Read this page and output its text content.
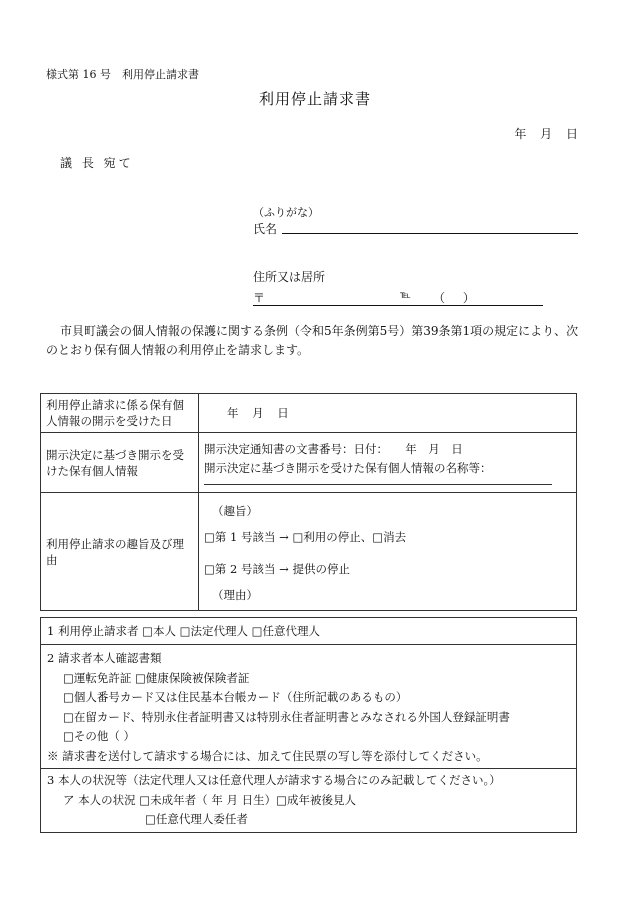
様式第 16 号　利用停止請求書
利用停止請求書
年 月 日
議 長 宛て
（ふりがな）
氏名
住所又は居所
〒	℡ （ ）
市貝町議会の個人情報の保護に関する条例（令和5年条例第5号）第39条第1項の規定により、次のとおり保有個人情報の利用停止を請求します。
利用停止請求に係る保有個人情報の開示を受けた日	年 月 日
開示決定に基づき開示を受けた保有個人情報	開示決定通知書の文書番号：日付：　　年　月　日
開示決定に基づき開示を受けた保有個人情報の名称等：

利用停止請求の趣旨及び理由	（趣旨）
□第 1 号該当 → □利用の停止、□消去
□第 2 号該当 → 提供の停止
（理由）
1 利用停止請求者 □本人 □法定代理人 □任意代理人

2 請求者本人確認書類
□運転免許証 □健康保険被保険者証
□個人番号カード又は住民基本台帳カード（住所記載のあるもの）
□在留カード、特別永住者証明書又は特別永住者証明書とみなされる外国人登録証明書
□その他（ ）
※ 請求書を送付して請求する場合には、加えて住民票の写し等を添付してください。

3 本人の状況等（法定代理人又は任意代理人が請求する場合にのみ記載してください。）
ア 本人の状況 □未成年者（ 年 月 日生）□成年被後見人
□任意代理人委任者
